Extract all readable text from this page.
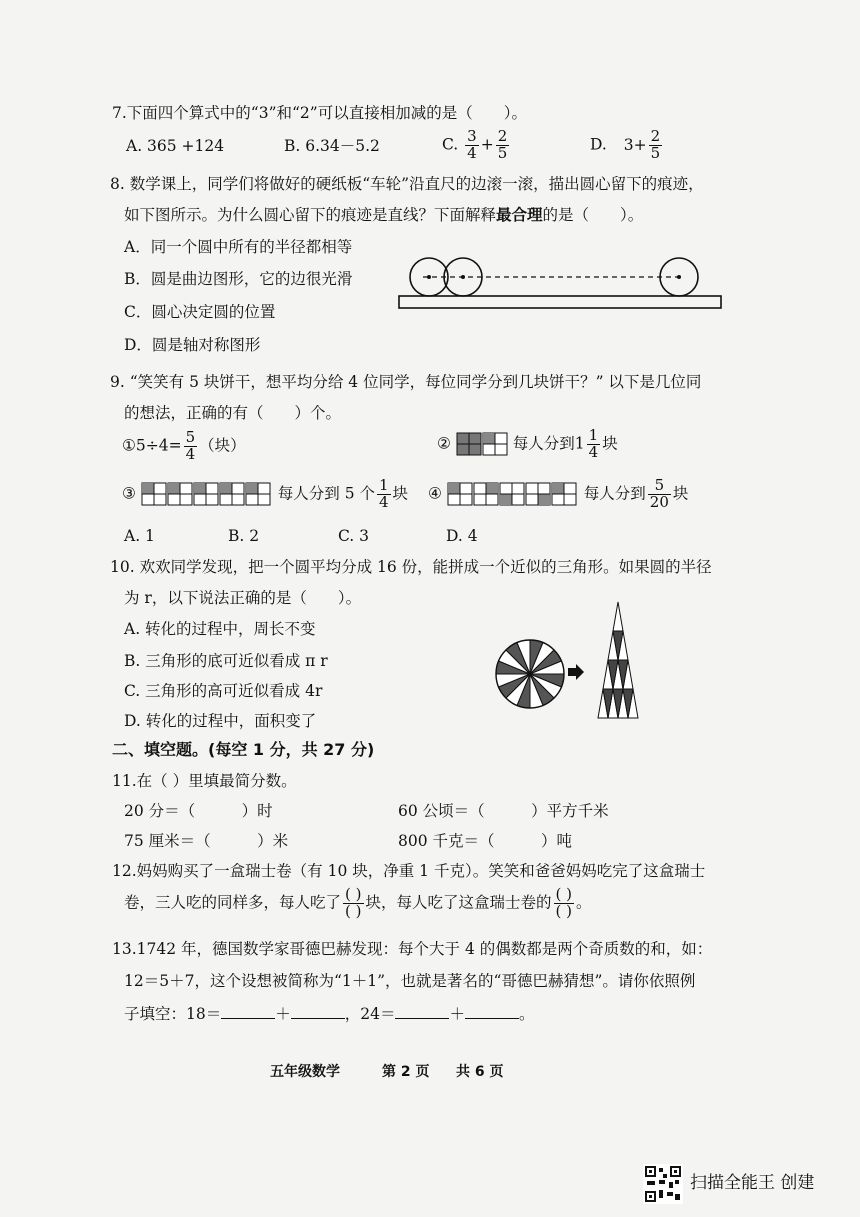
7.下面四个算式中的“3”和“2”可以直接相加减的是（　　）。
A. 365 +124	B. 6.34－5.2	C. $\frac{3}{4} + \frac{2}{5}$	D. $3+ \frac{2}{5}$
8. 数学课上，同学们将做好的硬纸板“车轮”沿直尺的边滚一滚，描出圆心留下的痕迹，
如下图所示。为什么圆心留下的痕迹是直线？下面解释最合理的是（　　）。
A．同一个圆中所有的半径都相等
B．圆是曲边图形，它的边很光滑
C．圆心决定圆的位置
D．圆是轴对称图形
9. “笑笑有 5 块饼干，想平均分给 4 位同学，每位同学分到几块饼干？” 以下是几位同
的想法，正确的有（　　）个。
①5÷4= $\frac{5}{4}$ （块）	②	每人分到$1 \frac{1}{4}$ 块
③	每人分到 5 个 $\frac{1}{4}$ 块 ④	每人分到 $\frac{5}{20}$ 块
A. 1	B. 2	C. 3	D. 4
10. 欢欢同学发现，把一个圆平均分成 16 份，能拼成一个近似的三角形。如果圆的半径
为 r，以下说法正确的是（　　）。
A. 转化的过程中，周长不变
B. 三角形的底可近似看成 π r
C. 三角形的高可近似看成 4r
D. 转化的过程中，面积变了
二、填空题。(每空 1 分，共 27 分)
11.在（ ）里填最简分数。
20 分＝（　　　）时	60 公顷＝（　　　）平方千米
75 厘米＝（　　　）米	800 千克＝（　　　）吨
12.妈妈购买了一盒瑞士卷（有 10 块，净重 1 千克）。笑笑和爸爸妈妈吃完了这盒瑞士
卷，三人吃的同样多，每人吃了 $\frac{( )}{( )}$ 块，每人吃了这盒瑞士卷的 $\frac{( )}{( )}$ 。
13.1742 年，德国数学家哥德巴赫发现：每个大于 4 的偶数都是两个奇质数的和，如：
12＝5＋7，这个设想被简称为“1＋1”，也就是著名的“哥德巴赫猜想”。请你依照例
子填空：18＝	＋	，24＝	＋	。
五年级数学	第 2 页 共 6 页
扫描全能王 创建
